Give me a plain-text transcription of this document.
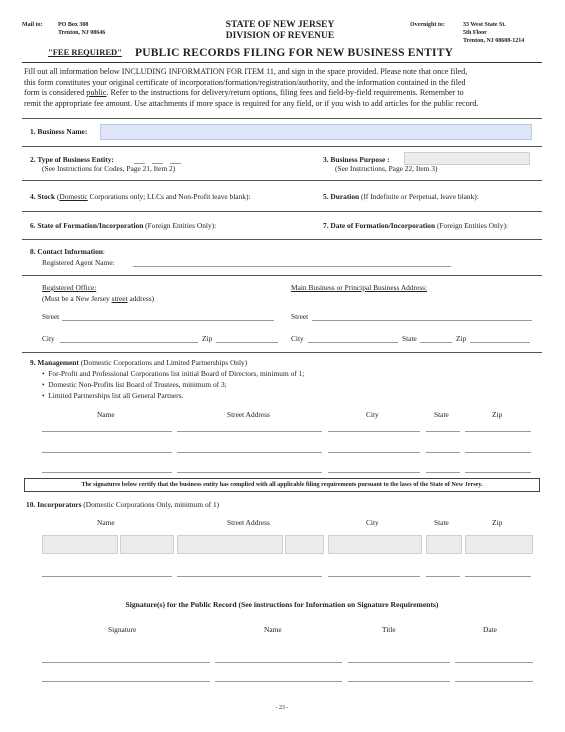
Mail to:	PO Box 308
Trenton, NJ 08646
STATE OF NEW JERSEY
DIVISION OF REVENUE
Overnight to:	33 West State St.
5th Floor
Trenton, NJ 08608-1214
"FEE REQUIRED" PUBLIC RECORDS FILING FOR NEW BUSINESS ENTITY
Fill out all information below INCLUDING INFORMATION FOR ITEM 11, and sign in the space provided. Please note that once filed,
this form constitutes your original certificate of incorporation/formation/registration/authority, and the information contained in the filed
form is considered public. Refer to the instructions for delivery/return options, filing fees and field-by-field requirements. Remember to
remit the appropriate fee amount. Use attachments if more space is required for any field, or if you wish to add articles for the public record.
1. Business Name:
2. Type of Business Entity:
(See Instructions for Codes, Page 21, Item 2)
3. Business Purpose :
(See Instructions, Page 22, Item 3)
4. Stock (Domestic Corporations only; LLCs and Non-Profit leave blank):	5. Duration (If Indefinite or Perpetual, leave blank):
6. State of Formation/Incorporation (Foreign Entities Only):	7. Date of Formation/Incorporation (Foreign Entities Only):
8. Contact Information:
Registered Agent Name:
Registered Office:
(Must be a New Jersey street address)
Main Business or Principal Business Address:
Street	Street
City	Zip	City	State	Zip
9. Management (Domestic Corporations and Limited Partnerships Only)
•  For-Profit and Professional Corporations list initial Board of Directors, minimum of 1;
•  Domestic Non-Profits list Board of Trustees, minimum of 3;
•  Limited Partnerships list all General Partners.
Name	Street Address	City	State	Zip
The signatures below certify that the business entity has complied with all applicable filing requirements pursuant to the laws of the State of New Jersey.
10. Incorporators (Domestic Corporations Only, minimum of 1)
Name	Street Address	City	State	Zip
Signature(s) for the Public Record (See instructions for Information on Signature Requirements)
Signature	Name	Title	Date
- 23 -
